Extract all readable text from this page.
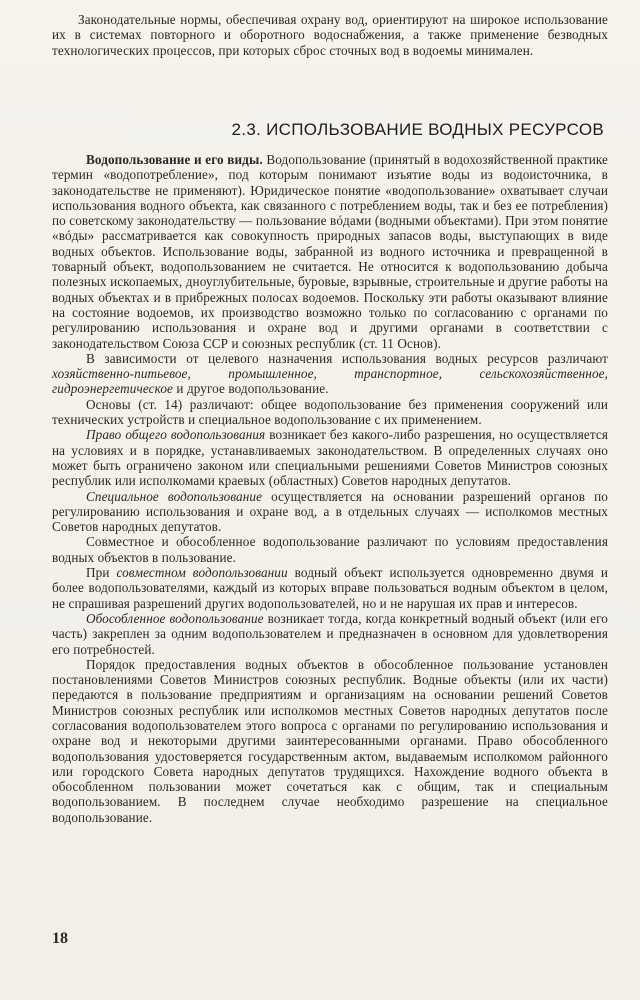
Законодательные нормы, обеспечивая охрану вод, ориентируют на широкое использование их в системах повторного и оборотного водоснабжения, а также применение безводных технологических процессов, при которых сброс сточных вод в водоемы минимален.

2.3. ИСПОЛЬЗОВАНИЕ ВОДНЫХ РЕСУРСОВ

Водопользование и его виды. Водопользование (принятый в водохозяйственной практике термин «водопотребление», под которым понимают изъятие воды из водоисточника, в законодательстве не применяют). Юридическое понятие «водопользование» охватывает случаи использования водного объекта, как связанного с потреблением воды, так и без ее потребления) по советскому законодательству — пользование вóдами (водными объектами). При этом понятие «вóды» рассматривается как совокупность природных запасов воды, выступающих в виде водных объектов. Использование воды, забранной из водного источника и превращенной в товарный объект, водопользованием не считается. Не относится к водопользованию добыча полезных ископаемых, дноуглубительные, буровые, взрывные, строительные и другие работы на водных объектах и в прибрежных полосах водоемов. Поскольку эти работы оказывают влияние на состояние водоемов, их производство возможно только по согласованию с органами по регулированию использования и охране вод и другими органами в соответствии с законодательством Союза ССР и союзных республик (ст. 11 Основ).

В зависимости от целевого назначения использования водных ресурсов различают хозяйственно-питьевое, промышленное, транспортное, сельскохозяйственное, гидроэнергетическое и другое водопользование.

Основы (ст. 14) различают: общее водопользование без применения сооружений или технических устройств и специальное водопользование с их применением.

Право общего водопользования возникает без какого-либо разрешения, но осуществляется на условиях и в порядке, устанавливаемых законодательством. В определенных случаях оно может быть ограничено законом или специальными решениями Советов Министров союзных республик или исполкомами краевых (областных) Советов народных депутатов.

Специальное водопользование осуществляется на основании разрешений органов по регулированию использования и охране вод, а в отдельных случаях — исполкомов местных Советов народных депутатов.

Совместное и обособленное водопользование различают по условиям предоставления водных объектов в пользование.

При совместном водопользовании водный объект используется одновременно двумя и более водопользователями, каждый из которых вправе пользоваться водным объектом в целом, не спрашивая разрешений других водопользователей, но и не нарушая их прав и интересов.

Обособленное водопользование возникает тогда, когда конкретный водный объект (или его часть) закреплен за одним водопользователем и предназначен в основном для удовлетворения его потребностей.

Порядок предоставления водных объектов в обособленное пользование установлен постановлениями Советов Министров союзных республик. Водные объекты (или их части) передаются в пользование предприятиям и организациям на основании решений Советов Министров союзных республик или исполкомов местных Советов народных депутатов после согласования водопользователем этого вопроса с органами по регулированию использования и охране вод и некоторыми другими заинтересованными органами. Право обособленного водопользования удостоверяется государственным актом, выдаваемым исполкомом районного или городского Совета народных депутатов трудящихся. Нахождение водного объекта в обособленном пользовании может сочетаться как с общим, так и специальным водопользованием. В последнем случае необходимо разрешение на специальное водопользование.

18
